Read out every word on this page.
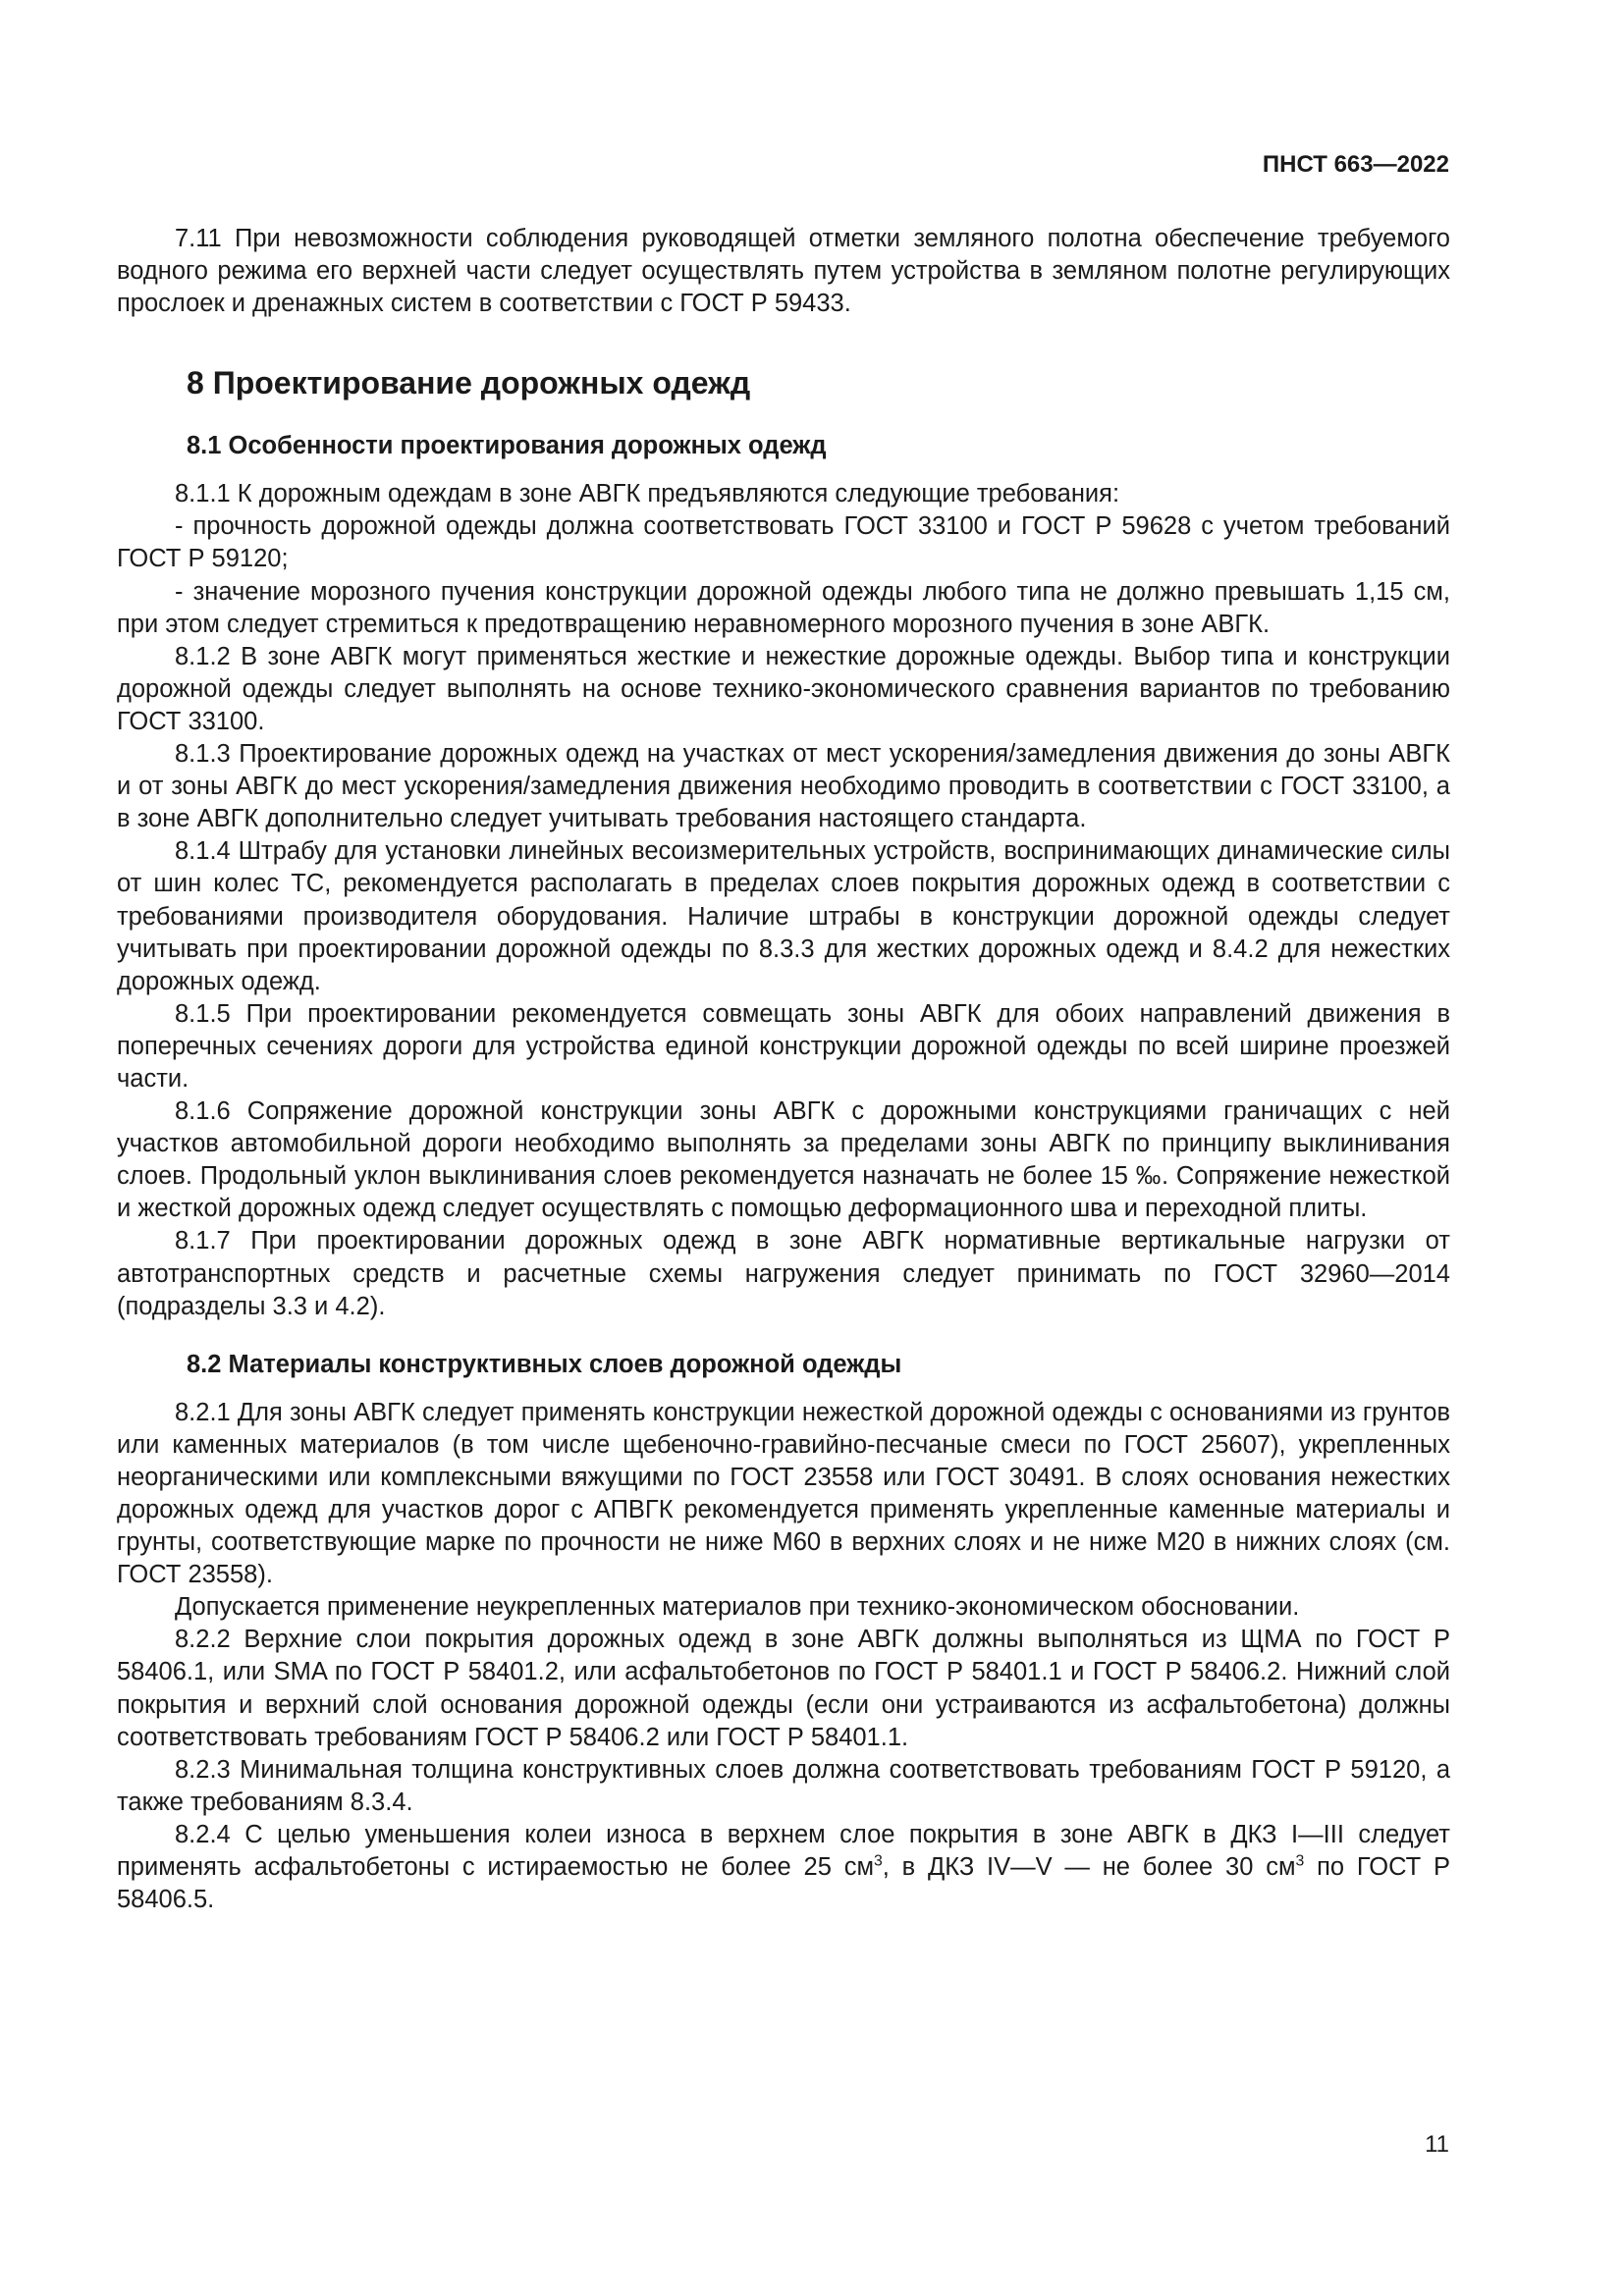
ПНСТ 663—2022

7.11 При невозможности соблюдения руководящей отметки земляного полотна обеспечение требуемого водного режима его верхней части следует осуществлять путем устройства в земляном полотне регулирующих прослоек и дренажных систем в соответствии с ГОСТ Р 59433.

8 Проектирование дорожных одежд
8.1 Особенности проектирования дорожных одежд

8.1.1 К дорожным одеждам в зоне АВГК предъявляются следующие требования:

- прочность дорожной одежды должна соответствовать ГОСТ 33100 и ГОСТ Р 59628 с учетом требований ГОСТ Р 59120;

- значение морозного пучения конструкции дорожной одежды любого типа не должно превышать 1,15 см, при этом следует стремиться к предотвращению неравномерного морозного пучения в зоне АВГК.

8.1.2 В зоне АВГК могут применяться жесткие и нежесткие дорожные одежды. Выбор типа и конструкции дорожной одежды следует выполнять на основе технико-экономического сравнения вариантов по требованию ГОСТ 33100.

8.1.3 Проектирование дорожных одежд на участках от мест ускорения/замедления движения до зоны АВГК и от зоны АВГК до мест ускорения/замедления движения необходимо проводить в соответствии с ГОСТ 33100, а в зоне АВГК дополнительно следует учитывать требования настоящего стандарта.

8.1.4 Штрабу для установки линейных весоизмерительных устройств, воспринимающих динамические силы от шин колес ТС, рекомендуется располагать в пределах слоев покрытия дорожных одежд в соответствии с требованиями производителя оборудования. Наличие штрабы в конструкции дорожной одежды следует учитывать при проектировании дорожной одежды по 8.3.3 для жестких дорожных одежд и 8.4.2 для нежестких дорожных одежд.

8.1.5 При проектировании рекомендуется совмещать зоны АВГК для обоих направлений движения в поперечных сечениях дороги для устройства единой конструкции дорожной одежды по всей ширине проезжей части.

8.1.6 Сопряжение дорожной конструкции зоны АВГК с дорожными конструкциями граничащих с ней участков автомобильной дороги необходимо выполнять за пределами зоны АВГК по принципу выклинивания слоев. Продольный уклон выклинивания слоев рекомендуется назначать не более 15 ‰. Сопряжение нежесткой и жесткой дорожных одежд следует осуществлять с помощью деформационного шва и переходной плиты.

8.1.7 При проектировании дорожных одежд в зоне АВГК нормативные вертикальные нагрузки от автотранспортных средств и расчетные схемы нагружения следует принимать по ГОСТ 32960—2014 (подразделы 3.3 и 4.2).

8.2 Материалы конструктивных слоев дорожной одежды

8.2.1 Для зоны АВГК следует применять конструкции нежесткой дорожной одежды с основаниями из грунтов или каменных материалов (в том числе щебеночно-гравийно-песчаные смеси по ГОСТ 25607), укрепленных неорганическими или комплексными вяжущими по ГОСТ 23558 или ГОСТ 30491. В слоях основания нежестких дорожных одежд для участков дорог с АПВГК рекомендуется применять укрепленные каменные материалы и грунты, соответствующие марке по прочности не ниже М60 в верхних слоях и не ниже М20 в нижних слоях (см. ГОСТ 23558).

Допускается применение неукрепленных материалов при технико-экономическом обосновании.

8.2.2 Верхние слои покрытия дорожных одежд в зоне АВГК должны выполняться из ЩМА по ГОСТ Р 58406.1, или SMA по ГОСТ Р 58401.2, или асфальтобетонов по ГОСТ Р 58401.1 и ГОСТ Р 58406.2. Нижний слой покрытия и верхний слой основания дорожной одежды (если они устраиваются из асфальтобетона) должны соответствовать требованиям ГОСТ Р 58406.2 или ГОСТ Р 58401.1.

8.2.3 Минимальная толщина конструктивных слоев должна соответствовать требованиям ГОСТ Р 59120, а также требованиям 8.3.4.

8.2.4 С целью уменьшения колеи износа в верхнем слое покрытия в зоне АВГК в ДКЗ I—III следует применять асфальтобетоны с истираемостью не более 25 $см^3$, в ДКЗ IV—V — не более 30 $см^3$ по ГОСТ Р 58406.5.

11
